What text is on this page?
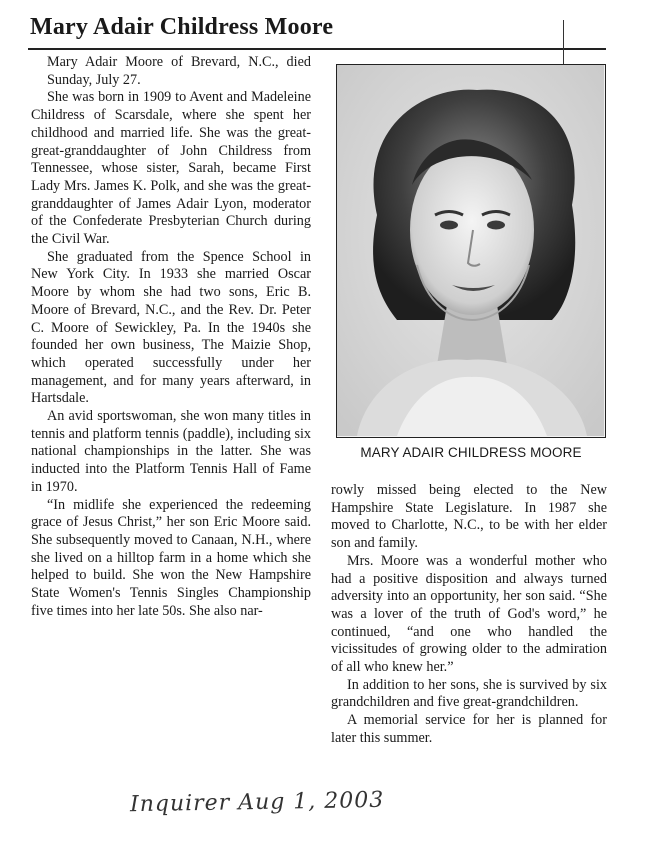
Mary Adair Childress Moore

Mary Adair Moore of Brevard, N.C., died Sunday, July 27.

She was born in 1909 to Avent and Madeleine Childress of Scarsdale, where she spent her childhood and married life. She was the great-great-granddaughter of John Childress from Tennessee, whose sister, Sarah, became First Lady Mrs. James K. Polk, and she was the great-granddaughter of James Adair Lyon, moderator of the Confederate Presbyterian Church during the Civil War.

She graduated from the Spence School in New York City. In 1933 she married Oscar Moore by whom she had two sons, Eric B. Moore of Brevard, N.C., and the Rev. Dr. Peter C. Moore of Sewickley, Pa. In the 1940s she founded her own business, The Maizie Shop, which operated successfully under her management, and for many years afterward, in Hartsdale.

An avid sportswoman, she won many titles in tennis and platform tennis (paddle), including six national championships in the latter. She was inducted into the Platform Tennis Hall of Fame in 1970.

“In midlife she experienced the redeeming grace of Jesus Christ,” her son Eric Moore said. She subsequently moved to Canaan, N.H., where she lived on a hilltop farm in a home which she helped to build. She won the New Hampshire State Women's Tennis Singles Championship five times into her late 50s. She also nar-

MARY ADAIR CHILDRESS MOORE

rowly missed being elected to the New Hampshire State Legislature. In 1987 she moved to Charlotte, N.C., to be with her elder son and family.

Mrs. Moore was a wonderful mother who had a positive disposition and always turned adversity into an opportunity, her son said. “She was a lover of the truth of God's word,” he continued, “and one who handled the vicissitudes of growing older to the admiration of all who knew her.”

In addition to her sons, she is survived by six grandchildren and five great-grandchildren.

A memorial service for her is planned for later this summer.

Inquirer Aug 1, 2003
